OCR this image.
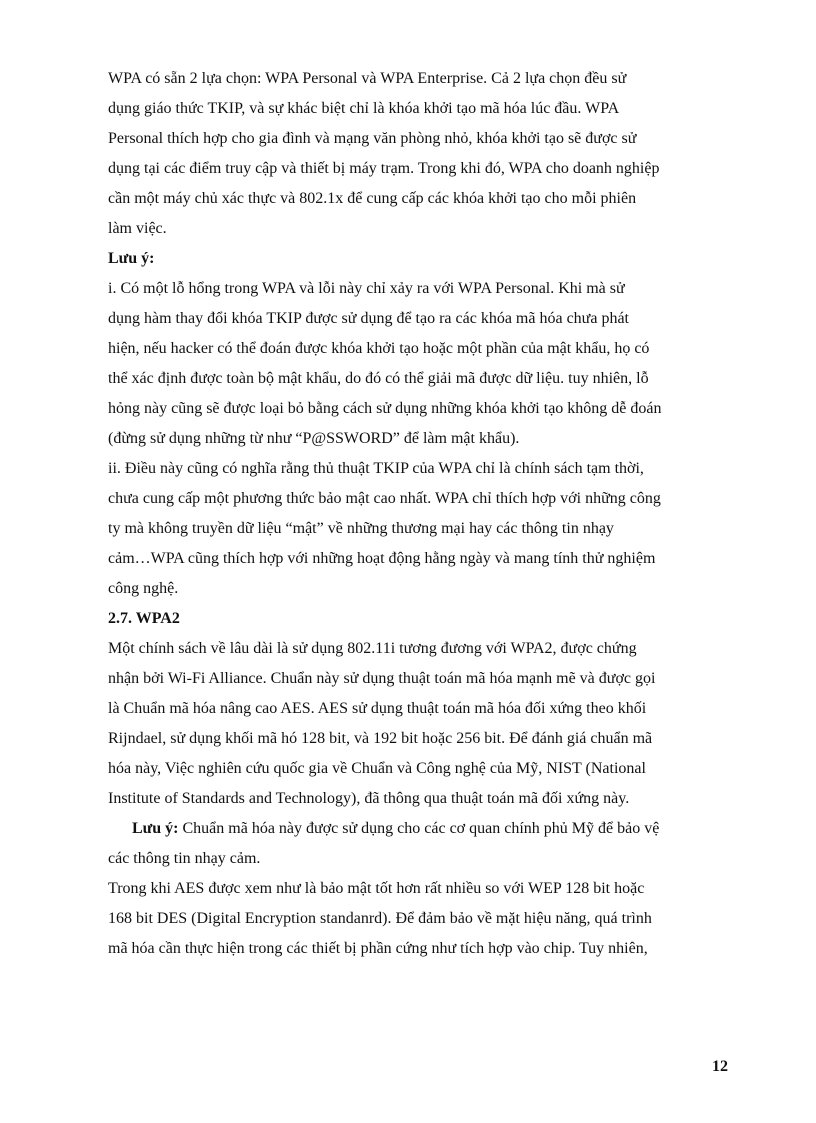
WPA có sẵn 2 lựa chọn: WPA Personal và WPA Enterprise. Cả 2 lựa chọn đều sử
dụng giáo thức TKIP, và sự khác biệt chỉ là khóa khởi tạo mã hóa lúc đầu. WPA
Personal thích hợp cho gia đình và mạng văn phòng nhỏ, khóa khởi tạo sẽ được sử
dụng tại các điểm truy cập và thiết bị máy trạm. Trong khi đó, WPA cho doanh nghiệp
cần một máy chủ xác thực và 802.1x để cung cấp các khóa khởi tạo cho mỗi phiên
làm việc.
Lưu ý:
i. Có một lỗ hổng trong WPA và lỗi này chỉ xảy ra với WPA Personal. Khi mà sử
dụng hàm thay đổi khóa TKIP được sử dụng để tạo ra các khóa mã hóa chưa phát
hiện, nếu hacker có thể đoán được khóa khởi tạo hoặc một phần của mật khẩu, họ có
thể xác định được toàn bộ mật khẩu, do đó có thể giải mã được dữ liệu. tuy nhiên, lỗ
hỏng này cũng sẽ được loại bỏ bằng cách sử dụng những khóa khởi tạo không dễ đoán
(đừng sử dụng những từ như “P@SSWORD” để làm mật khẩu).
ii. Điều này cũng có nghĩa rằng thủ thuật TKIP của WPA chỉ là chính sách tạm thời,
chưa cung cấp một phương thức bảo mật cao nhất. WPA chỉ thích hợp với những công
ty mà không truyền dữ liệu “mật” về những thương mại hay các thông tin nhạy
cảm…WPA cũng thích hợp với những hoạt động hằng ngày và mang tính thử nghiệm
công nghệ.
2.7. WPA2
Một chính sách về lâu dài là sử dụng 802.11i tương đương với WPA2, được chứng
nhận bởi Wi-Fi Alliance. Chuẩn này sử dụng thuật toán mã hóa mạnh mẽ và được gọi
là Chuẩn mã hóa nâng cao AES. AES sử dụng thuật toán mã hóa đối xứng theo khối
Rijndael, sử dụng khối mã hó 128 bit, và 192 bit hoặc 256 bit. Để đánh giá chuẩn mã
hóa này, Việc nghiên cứu quốc gia về Chuẩn và Công nghệ của Mỹ, NIST (National
Institute of Standards and Technology), đã thông qua thuật toán mã đối xứng này.
Lưu ý: Chuẩn mã hóa này được sử dụng cho các cơ quan chính phủ Mỹ để bảo vệ
các thông tin nhạy cảm.
Trong khi AES được xem như là bảo mật tốt hơn rất nhiều so với WEP 128 bit hoặc
168 bit DES (Digital Encryption standanrd). Để đảm bảo về mặt hiệu năng, quá trình
mã hóa cần thực hiện trong các thiết bị phần cứng như tích hợp vào chip. Tuy nhiên,
12
